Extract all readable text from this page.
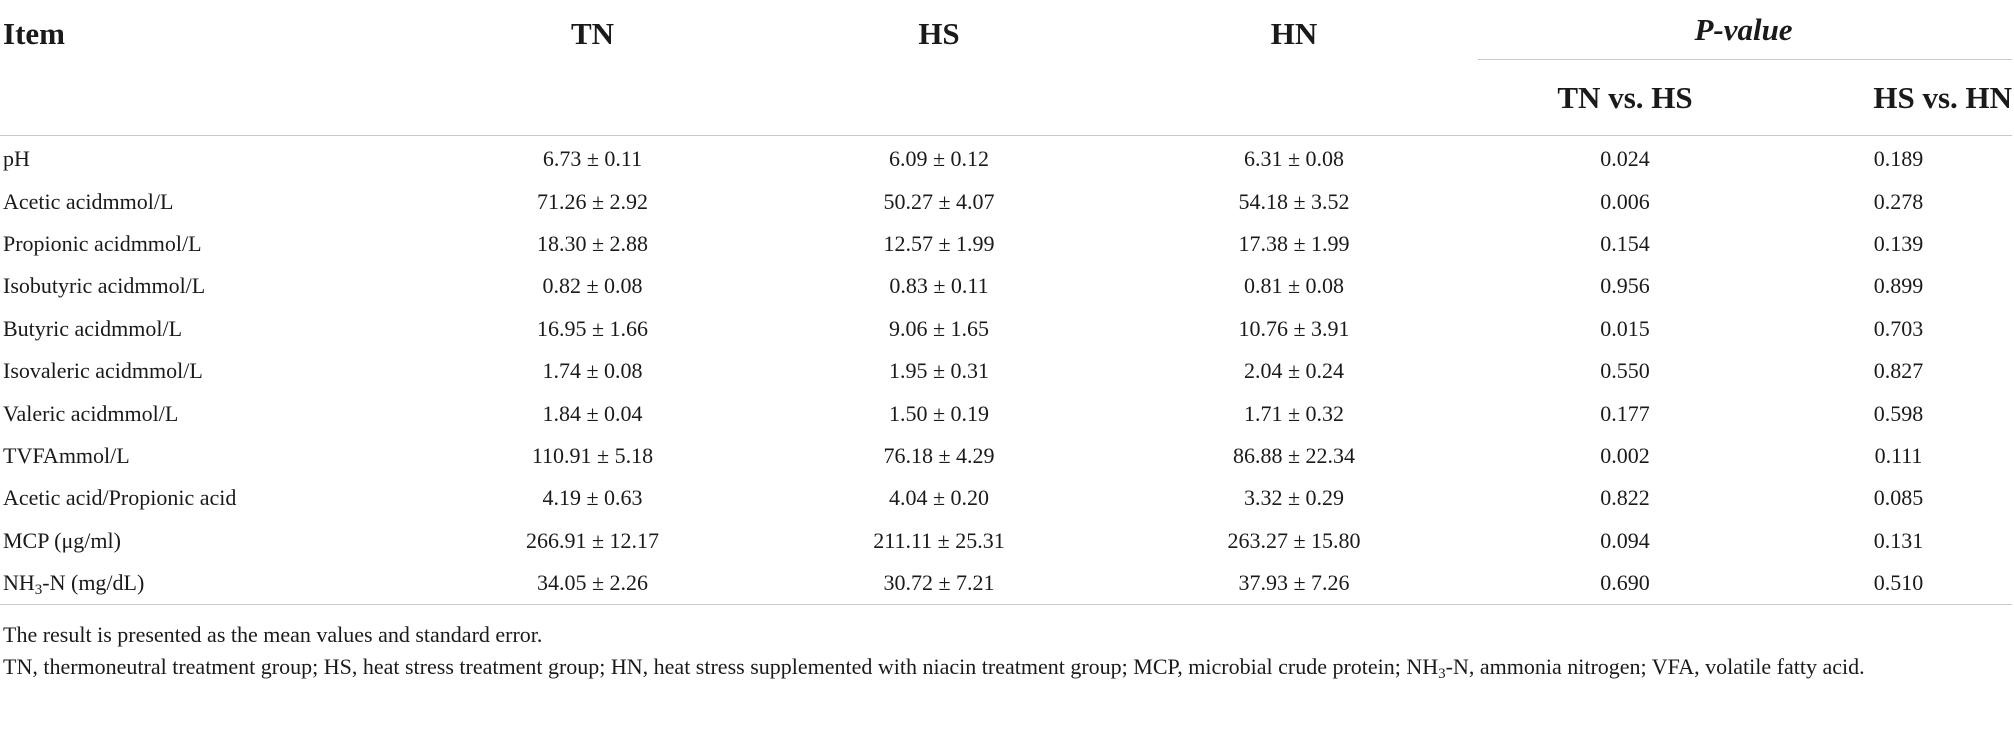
Item	TN	HS	HN	P-value	

				TN vs. HS	HS vs. HN
pH	6.73 ± 0.11	6.09 ± 0.12	6.31 ± 0.08	0.024	0.189
Acetic acidmmol/L	71.26 ± 2.92	50.27 ± 4.07	54.18 ± 3.52	0.006	0.278
Propionic acidmmol/L	18.30 ± 2.88	12.57 ± 1.99	17.38 ± 1.99	0.154	0.139
Isobutyric acidmmol/L	0.82 ± 0.08	0.83 ± 0.11	0.81 ± 0.08	0.956	0.899
Butyric acidmmol/L	16.95 ± 1.66	9.06 ± 1.65	10.76 ± 3.91	0.015	0.703
Isovaleric acidmmol/L	1.74 ± 0.08	1.95 ± 0.31	2.04 ± 0.24	0.550	0.827
Valeric acidmmol/L	1.84 ± 0.04	1.50 ± 0.19	1.71 ± 0.32	0.177	0.598
TVFAmmol/L	110.91 ± 5.18	76.18 ± 4.29	86.88 ± 22.34	0.002	0.111
Acetic acid/Propionic acid	4.19 ± 0.63	4.04 ± 0.20	3.32 ± 0.29	0.822	0.085
MCP (μg/ml)	266.91 ± 12.17	211.11 ± 25.31	263.27 ± 15.80	0.094	0.131
$NH_3-N$ (mg/dL)	34.05 ± 2.26	30.72 ± 7.21	37.93 ± 7.26	0.690	0.510

The result is presented as the mean values and standard error.

TN, thermoneutral treatment group; HS, heat stress treatment group; HN, heat stress supplemented with niacin treatment group; MCP, microbial crude protein; $NH_3-N$, ammonia nitrogen; VFA, volatile fatty acid.
